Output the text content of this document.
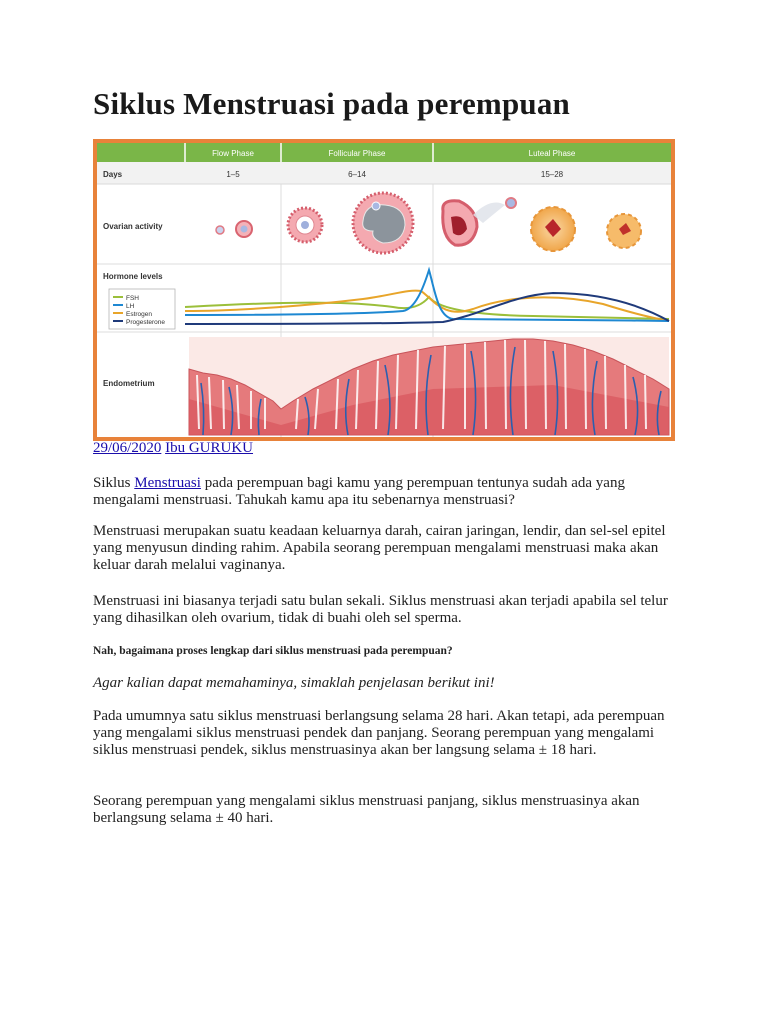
Siklus Menstruasi pada perempuan
Flow Phase	Follicular Phase	Luteal Phase
Days	1–5	6–14	15–28
Ovarian activity
Hormone levels
Endometrium
FSH
LH
Estrogen
Progesterone
29/06/2020 Ibu GURUKU

Siklus Menstruasi pada perempuan bagi kamu yang perempuan tentunya sudah ada yang mengalami menstruasi. Tahukah kamu apa itu sebenarnya menstruasi?

Menstruasi merupakan suatu keadaan keluarnya darah, cairan jaringan, lendir, dan sel-sel epitel yang menyusun dinding rahim. Apabila seorang perempuan mengalami menstruasi maka akan keluar darah melalui vaginanya.

Menstruasi ini biasanya terjadi satu bulan sekali. Siklus menstruasi akan terjadi apabila sel telur yang dihasilkan oleh ovarium, tidak di buahi oleh sel sperma.

Nah, bagaimana proses lengkap dari siklus menstruasi pada perempuan?

Agar kalian dapat memahaminya, simaklah penjelasan berikut ini!

Pada umumnya satu siklus menstruasi berlangsung selama 28 hari. Akan tetapi, ada perempuan yang mengalami siklus menstruasi pendek dan panjang. Seorang perempuan yang mengalami siklus menstruasi pendek, siklus menstruasinya akan ber langsung selama ± 18 hari.

Seorang perempuan yang mengalami siklus menstruasi panjang, siklus menstruasinya akan berlangsung selama ± 40 hari.
